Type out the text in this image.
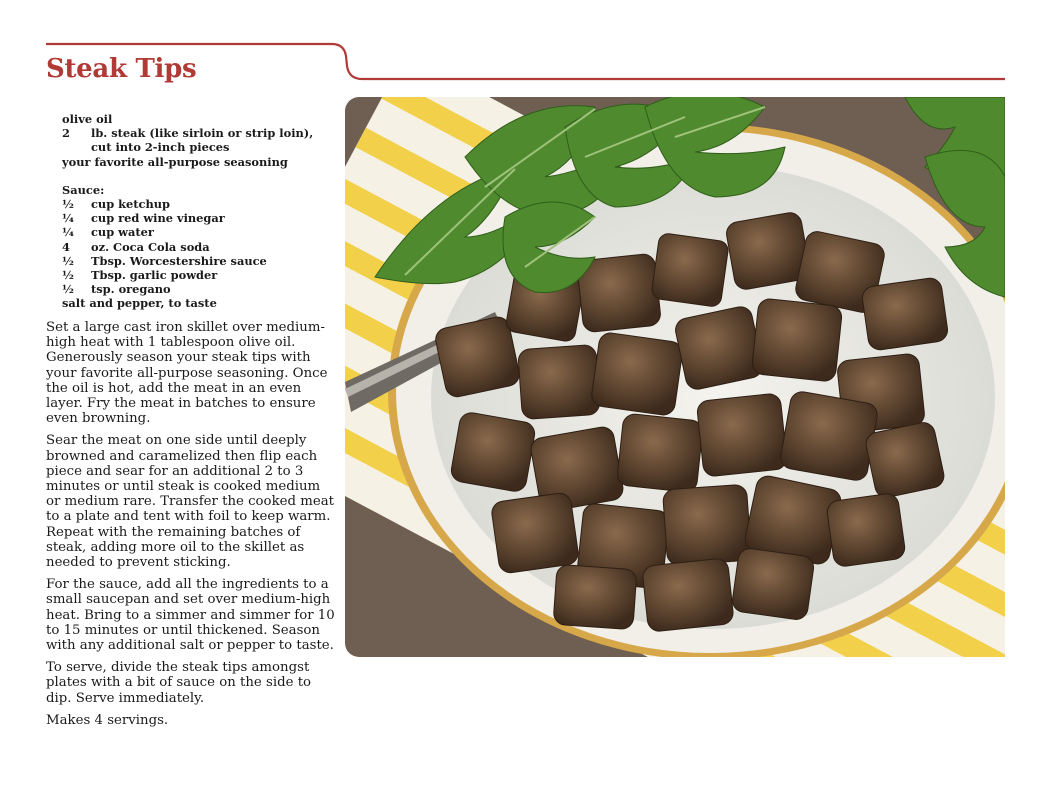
Steak Tips
olive oil
2	lb. steak (like sirloin or strip loin),
cut into 2-inch pieces
your favorite all-purpose seasoning
Sauce:
½	cup ketchup
¼	cup red wine vinegar
¼	cup water
4	oz. Coca Cola soda
½	Tbsp. Worcestershire sauce
½	Tbsp. garlic powder
½	tsp. oregano
salt and pepper, to taste

Set a large cast iron skillet over medium-high heat with 1 tablespoon olive oil. Generously season your steak tips with your favorite all-purpose seasoning. Once the oil is hot, add the meat in an even layer. Fry the meat in batches to ensure even browning.

Sear the meat on one side until deeply browned and caramelized then flip each piece and sear for an additional 2 to 3 minutes or until steak is cooked medium or medium rare. Transfer the cooked meat to a plate and tent with foil to keep warm. Repeat with the remaining batches of steak, adding more oil to the skillet as needed to prevent sticking.

For the sauce, add all the ingredients to a small saucepan and set over medium-high heat. Bring to a simmer and simmer for 10 to 15 minutes or until thickened. Season with any additional salt or pepper to taste.

To serve, divide the steak tips amongst plates with a bit of sauce on the side to dip. Serve immediately.

Makes 4 servings.
